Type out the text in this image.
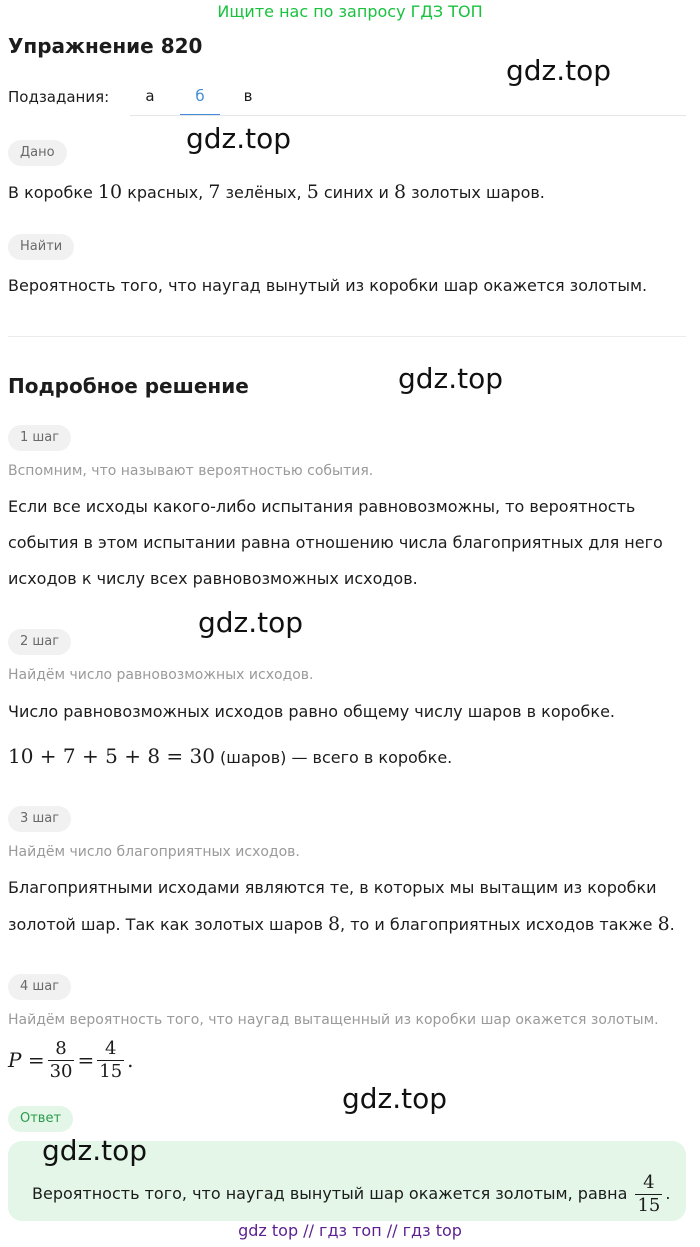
Ищите нас по запросу ГДЗ ТОП
Упражнение 820
Подзадания:	а	б	в
Дано
В коробке 10 красных, 7 зелёных, 5 синих и 8 золотых шаров.
Найти
Вероятность того, что наугад вынутый из коробки шар окажется золотым.
Подробное решение
1 шаг
Вспомним, что называют вероятностью события.
Если все исходы какого-либо испытания равновозможны, то вероятность
события в этом испытании равна отношению числа благоприятных для него
исходов к числу всех равновозможных исходов.
2 шаг
Найдём число равновозможных исходов.
Число равновозможных исходов равно общему числу шаров в коробке.
10 + 7 + 5 + 8 = 30 (шаров) — всего в коробке.
3 шаг
Найдём число благоприятных исходов.
Благоприятными исходами являются те, в которых мы вытащим из коробки
золотой шар. Так как золотых шаров 8, то и благоприятных исходов также 8.
4 шаг
Найдём вероятность того, что наугад вытащенный из коробки шар окажется золотым.
$P = \frac{8}{30} = \frac{4}{15}$ .
Ответ
Вероятность того, что наугад вынутый шар окажется золотым, равна $\frac{4}{15}$ .
gdz.top
gdz.top
gdz.top
gdz.top
gdz.top
gdz.top
gdz top // гдз топ // гдз top
